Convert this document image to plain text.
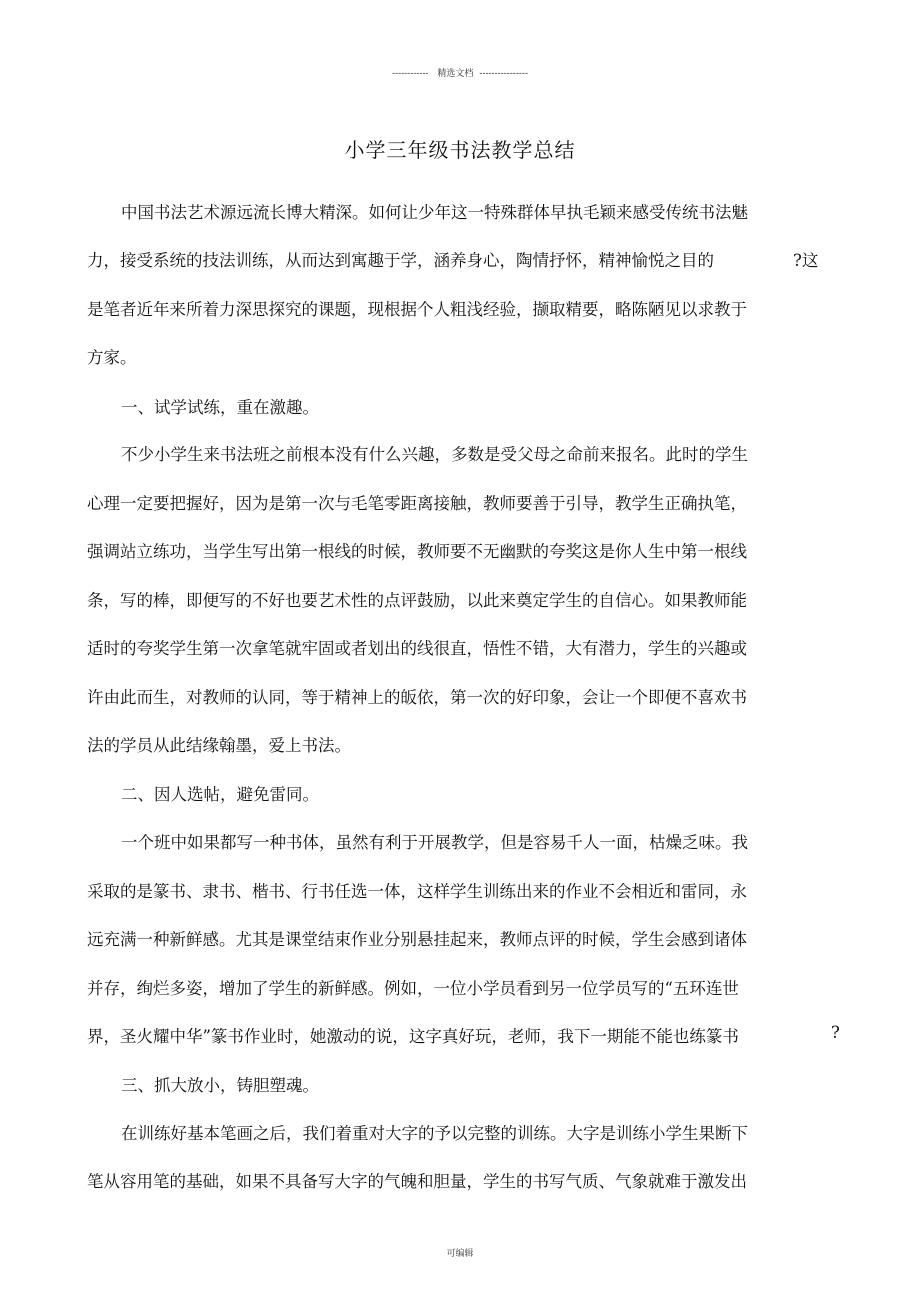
------------ 精选文档 ----------------
小学三年级书法教学总结
中国书法艺术源远流长博大精深。如何让少年这一特殊群体早执毛颖来感受传统书法魅
力，接受系统的技法训练，从而达到寓趣于学，涵养身心，陶情抒怀，精神愉悦之目的	?这
是笔者近年来所着力深思探究的课题，现根据个人粗浅经验，撷取精要，略陈陋见以求教于
方家。
一、试学试练，重在激趣。
不少小学生来书法班之前根本没有什么兴趣，多数是受父母之命前来报名。此时的学生
心理一定要把握好，因为是第一次与毛笔零距离接触，教师要善于引导，教学生正确执笔，
强调站立练功，当学生写出第一根线的时候，教师要不无幽默的夸奖这是你人生中第一根线
条，写的棒，即便写的不好也要艺术性的点评鼓励，以此来奠定学生的自信心。如果教师能
适时的夸奖学生第一次拿笔就牢固或者划出的线很直，悟性不错，大有潜力，学生的兴趣或
许由此而生，对教师的认同，等于精神上的皈依，第一次的好印象，会让一个即便不喜欢书
法的学员从此结缘翰墨，爱上书法。
二、因人选帖，避免雷同。
一个班中如果都写一种书体，虽然有利于开展教学，但是容易千人一面，枯燥乏味。我
采取的是篆书、隶书、楷书、行书任选一体，这样学生训练出来的作业不会相近和雷同，永
远充满一种新鲜感。尤其是课堂结束作业分别悬挂起来，教师点评的时候，学生会感到诸体
并存，绚烂多姿，增加了学生的新鲜感。例如，一位小学员看到另一位学员写的“五环连世
界，圣火耀中华”篆书作业时，她激动的说，这字真好玩，老师，我下一期能不能也练篆书	?
三、抓大放小，铸胆塑魂。
在训练好基本笔画之后，我们着重对大字的予以完整的训练。大字是训练小学生果断下
笔从容用笔的基础，如果不具备写大字的气魄和胆量，学生的书写气质、气象就难于激发出
可编辑
